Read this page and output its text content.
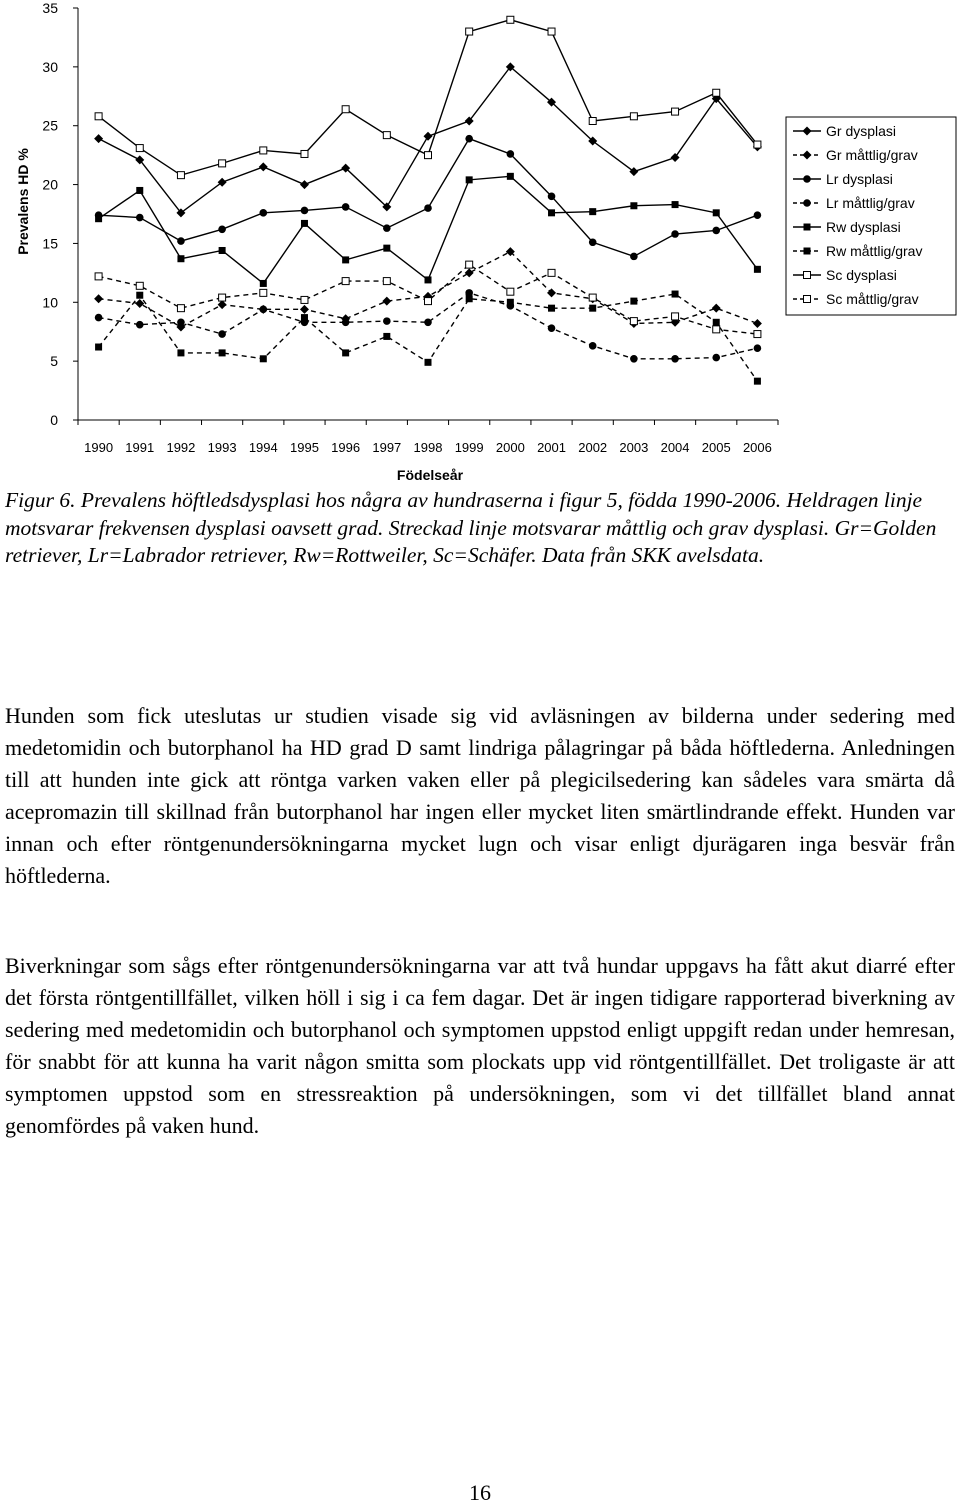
0
5
10
15
20
25
30
35
Prevalens HD %
1990 1991 1992 1993 1994 1995 1996 1997 1998 1999 2000 2001 2002 2003 2004 2005 2006
Födelseår
Gr dysplasi
Gr måttlig/grav
Lr dysplasi
Lr måttlig/grav
Rw dysplasi
Rw måttlig/grav
Sc dysplasi
Sc måttlig/grav

Figur 6. Prevalens höftledsdysplasi hos några av hundraserna i figur 5, födda 1990-2006. Heldragen linje motsvarar frekvensen dysplasi oavsett grad. Streckad linje motsvarar måttlig och grav dysplasi. Gr=Golden retriever, Lr=Labrador retriever, Rw=Rottweiler, Sc=Schäfer. Data från SKK avelsdata.

Hunden som fick uteslutas ur studien visade sig vid avläsningen av bilderna under sedering med medetomidin och butorphanol ha HD grad D samt lindriga pålagringar på båda höftlederna. Anledningen till att hunden inte gick att röntga varken vaken eller på plegicilsedering kan sådeles vara smärta då acepromazin till skillnad från butorphanol har ingen eller mycket liten smärtlindrande effekt. Hunden var innan och efter röntgenundersökningarna mycket lugn och visar enligt djurägaren inga besvär från höftlederna.

Biverkningar som sågs efter röntgenundersökningarna var att två hundar uppgavs ha fått akut diarré efter det första röntgentillfället, vilken höll i sig i ca fem dagar. Det är ingen tidigare rapporterad biverkning av sedering med medetomidin och butorphanol och symptomen uppstod enligt uppgift redan under hemresan, för snabbt för att kunna ha varit någon smitta som plockats upp vid röntgentillfället. Det troligaste är att symptomen uppstod som en stressreaktion på undersökningen, som vi det tillfället bland annat genomfördes på vaken hund.

16
